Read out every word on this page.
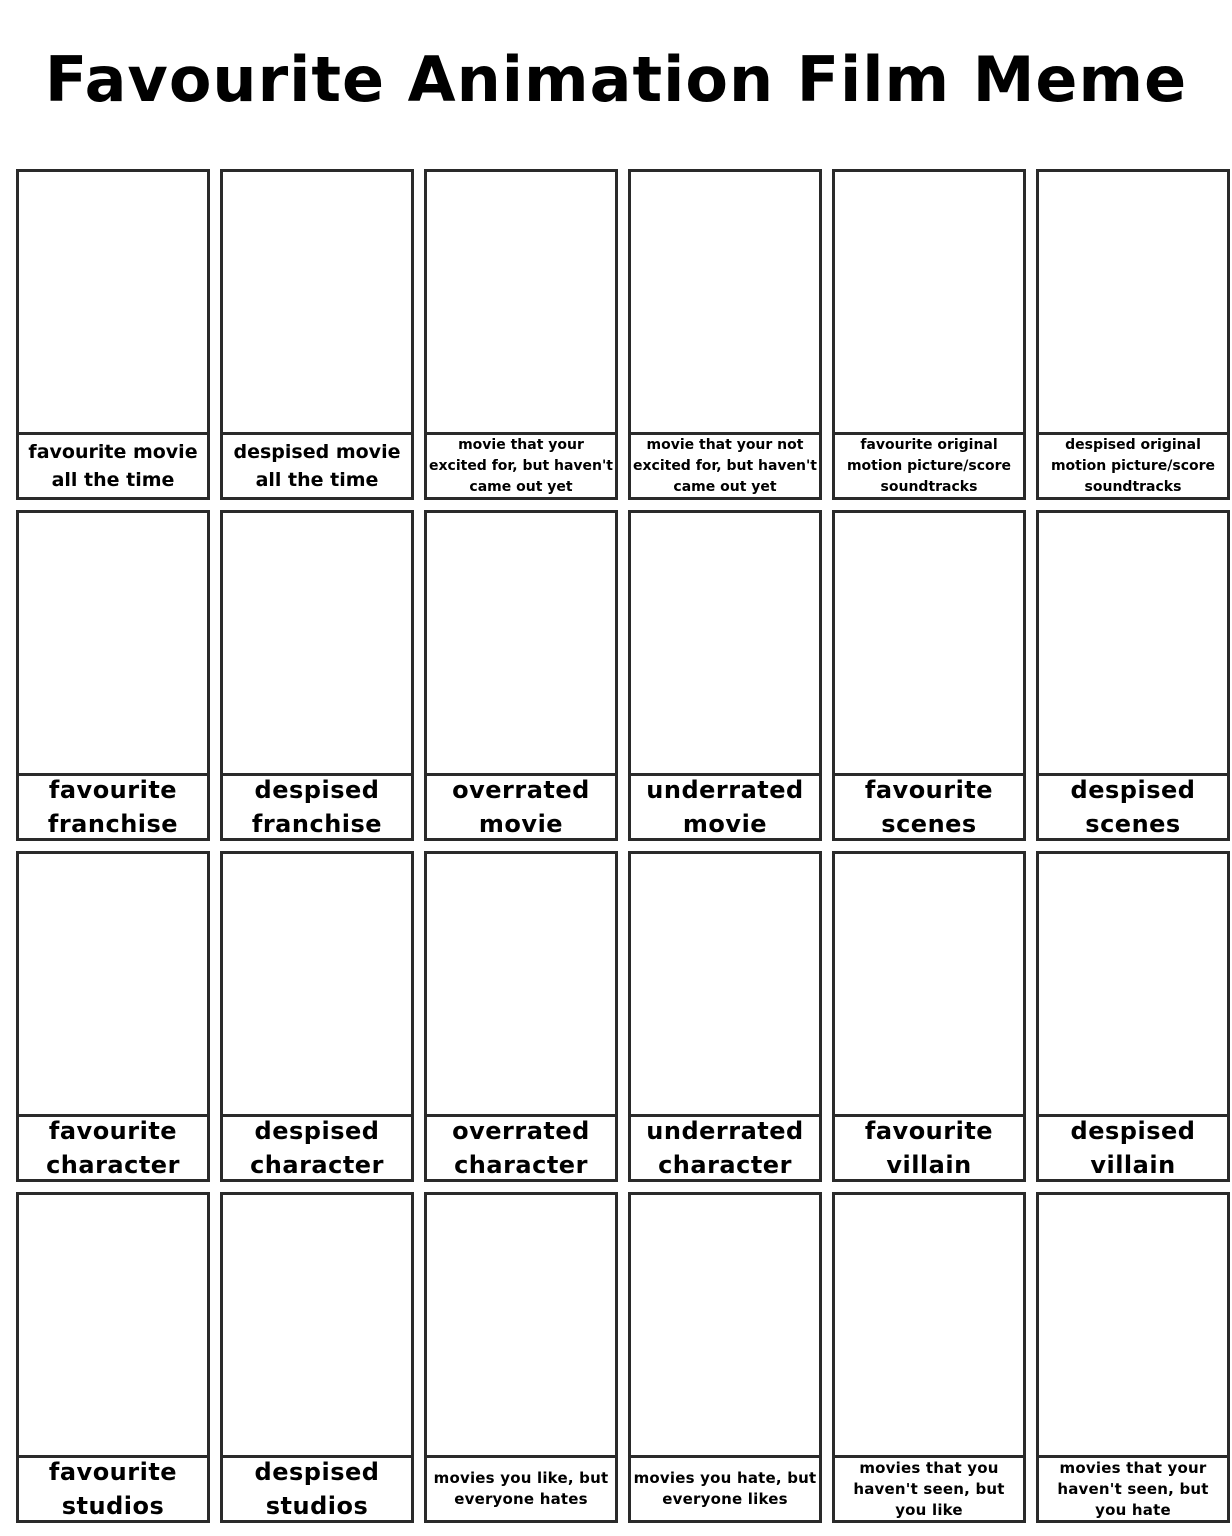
Favourite Animation Film Meme
favourite movie all the time
despised movie all the time
movie that your excited for, but haven't came out yet
movie that your not excited for, but haven't came out yet
favourite original motion picture/score soundtracks
despised original motion picture/score soundtracks
favourite franchise
despised franchise
overrated movie
underrated movie
favourite scenes
despised scenes
favourite character
despised character
overrated character
underrated character
favourite villain
despised villain
favourite studios
despised studios
movies you like, but everyone hates
movies you hate, but everyone likes
movies that you haven't seen, but you like
movies that your haven't seen, but you hate
